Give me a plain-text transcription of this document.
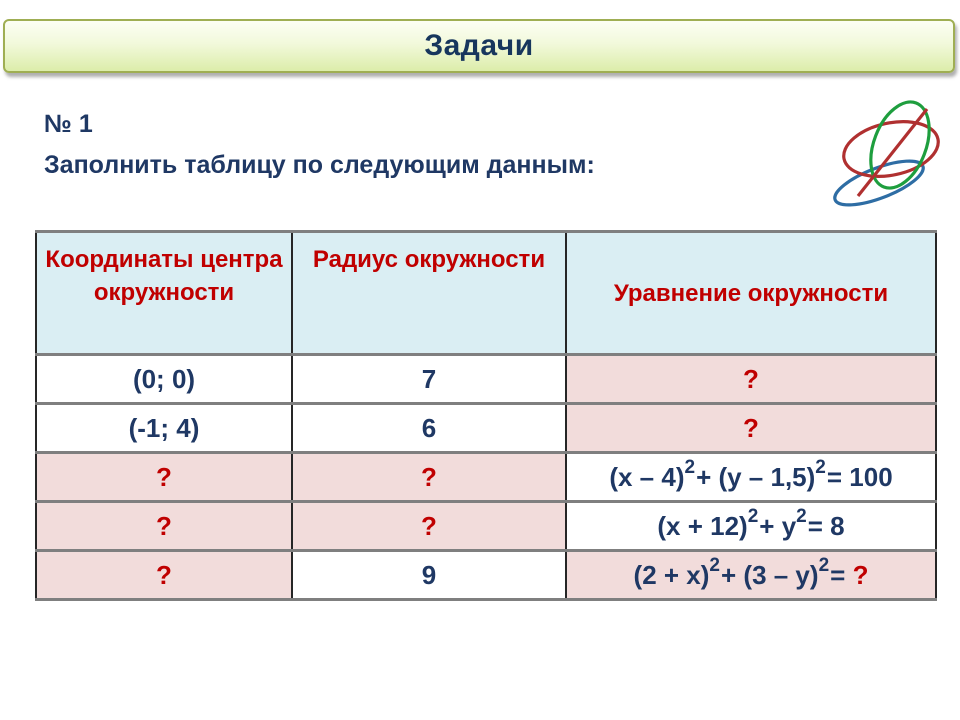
Задачи
№ 1
Заполнить таблицу по следующим данным:
Координаты центра окружности	Радиус окружности	Уравнение окружности
(0; 0)	7	?
(-1; 4)	6	?
?	?	(x – 4)$^2$+ (y – 1,5)$^2$= 100
?	?	$(x + 12)^2+ y^2= 8$
?	9	$(2 + x)^2+ (3 - y)^2=$ ?
